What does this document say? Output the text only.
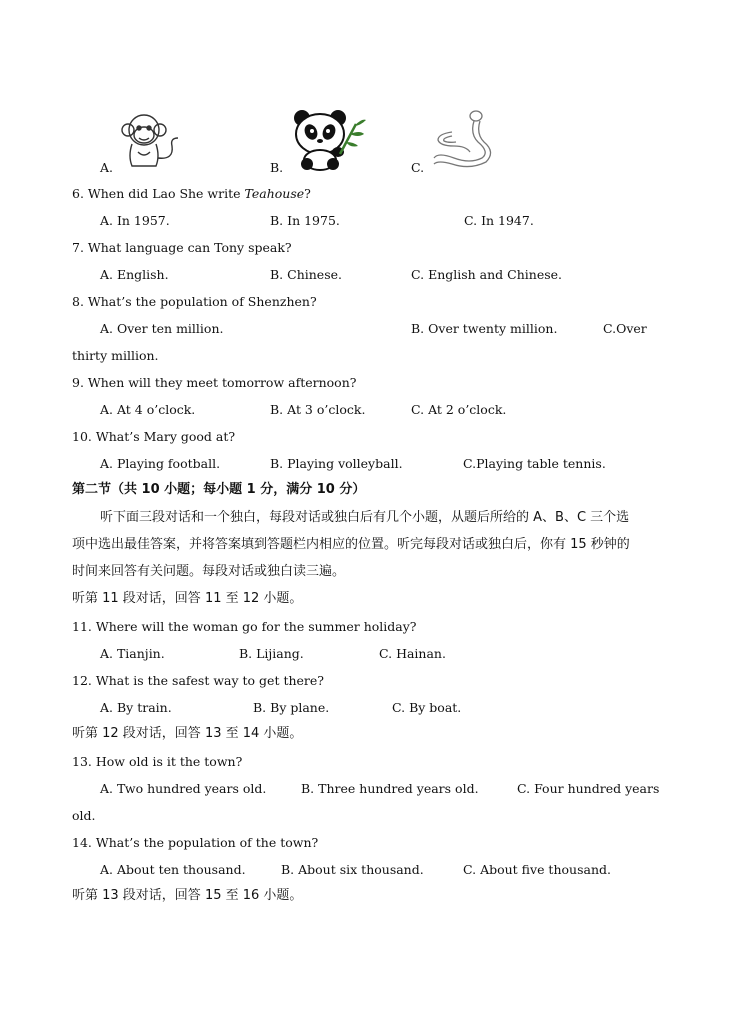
A.	B.	C.
6. When did Lao She write Teahouse?
A. In 1957.	B. In 1975.	C. In 1947.
7. What language can Tony speak?
A. English.	B. Chinese.	C. English and Chinese.
8. What’s the population of Shenzhen?
A. Over ten million.	B. Over twenty million.	C.Over
thirty million.
9. When will they meet tomorrow afternoon?
A. At 4 o’clock.	B. At 3 o’clock.	C. At 2 o’clock.
10. What’s Mary good at?
A. Playing football.	B. Playing volleyball.	C.Playing table tennis.
第二节（共 10 小题；每小题 1 分，满分 10 分）
听下面三段对话和一个独白，每段对话或独白后有几个小题，从题后所给的 A、B、C 三个选
项中选出最佳答案，并将答案填到答题栏内相应的位置。听完每段对话或独白后，你有 15 秒钟的
时间来回答有关问题。每段对话或独白读三遍。
听第 11 段对话，回答 11 至 12 小题。
11. Where will the woman go for the summer holiday?
A. Tianjin.	B. Lijiang.	C. Hainan.
12. What is the safest way to get there?
A. By train.	B. By plane.	C. By boat.
听第 12 段对话，回答 13 至 14 小题。
13. How old is it the town?
A. Two hundred years old.	B. Three hundred years old.	C. Four hundred years
old.
14. What’s the population of the town?
A. About ten thousand.	B. About six thousand.	C. About five thousand.
听第 13 段对话，回答 15 至 16 小题。
